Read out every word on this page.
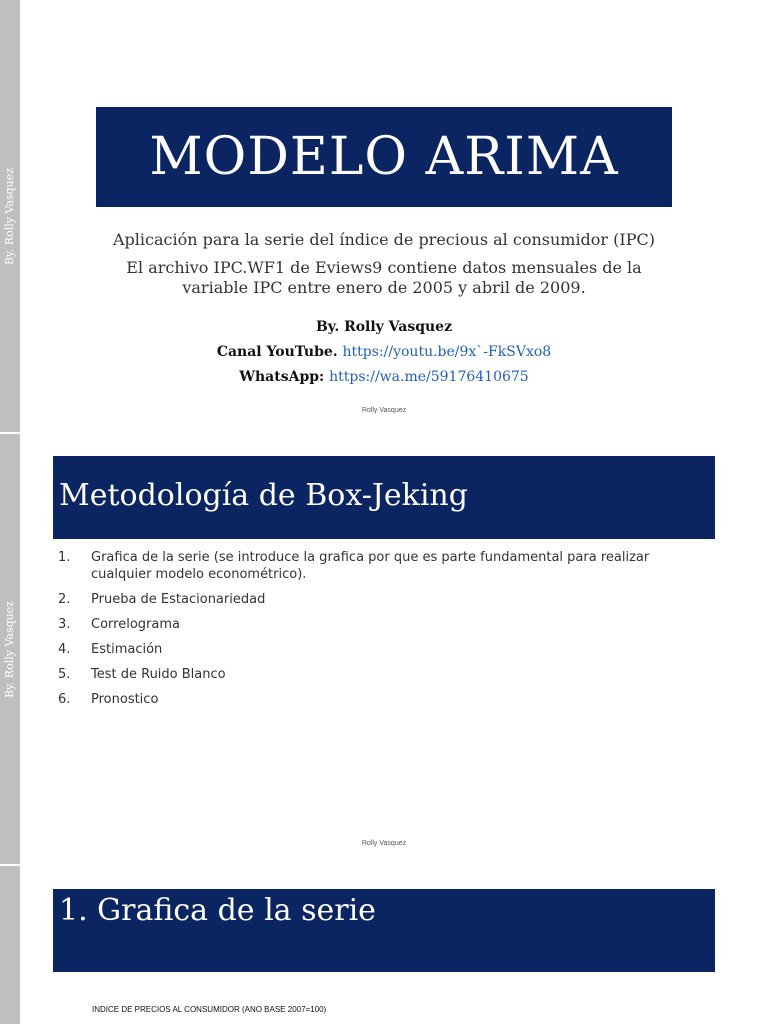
By. Rolly Vasquez
By. Rolly Vasquez
MODELO ARIMA
Aplicación para la serie del índice de precious al consumidor (IPC)
El archivo IPC.WF1 de Eviews9 contiene datos mensuales de la
variable IPC entre enero de 2005 y abril de 2009.
By. Rolly Vasquez
Canal YouTube. https://youtu.be/9x`-FkSVxo8
WhatsApp: https://wa.me/59176410675
Rolly Vasquez
Metodología de Box-Jeking
1.	Grafica de la serie (se introduce la grafica por que es parte fundamental para realizar
cualquier modelo econométrico).
2.	Prueba de Estacionariedad
3.	Correlograma
4.	Estimación
5.	Test de Ruido Blanco
6.	Pronostico
Rolly Vasquez
1. Grafica de la serie
INDICE DE PRECIOS AL CONSUMIDOR (ANO BASE 2007=100)
